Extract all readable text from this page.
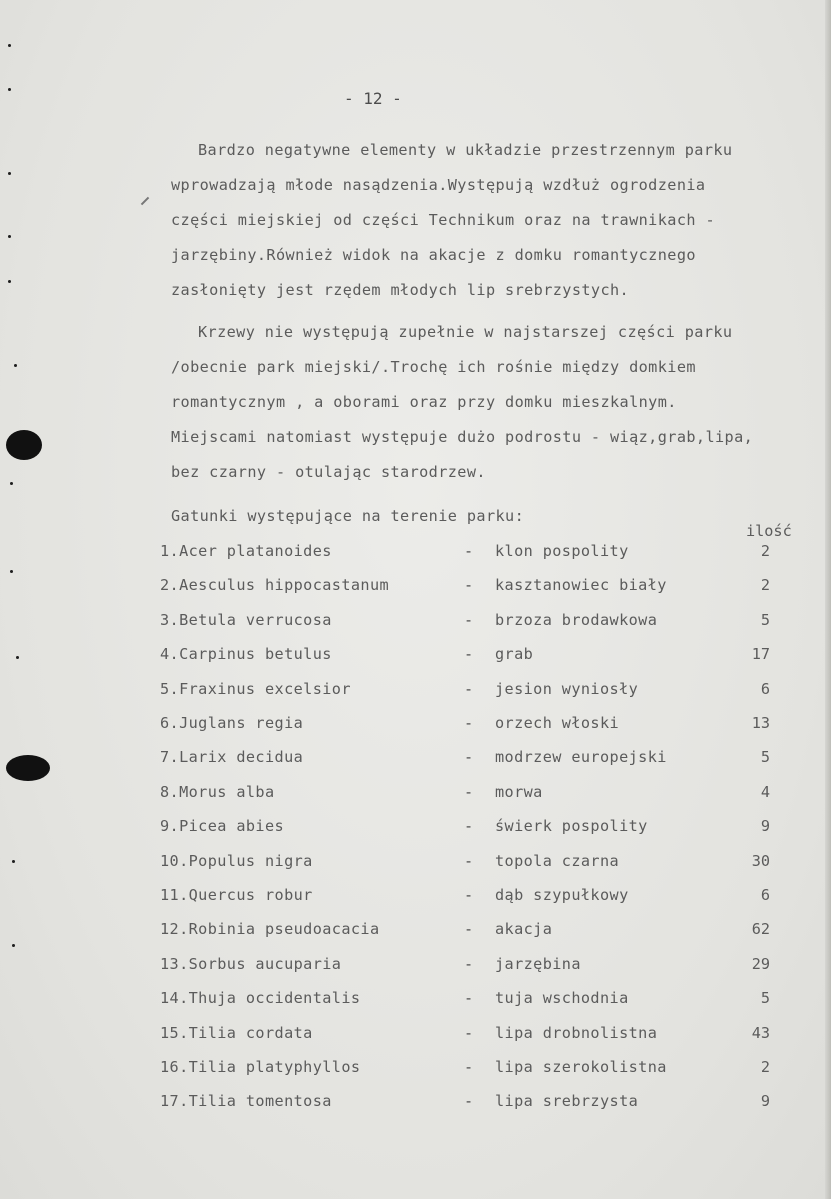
- 12 -
Bardzo negatywne elementy w układzie przestrzennym parku
wprowadzają młode nasądzenia.Występują wzdłuż ogrodzenia
części miejskiej od części Technikum oraz na trawnikach -
jarzębiny.Również widok na akacje z domku romantycznego
zasłonięty jest rzędem młodych lip srebrzystych.
Krzewy nie występują zupełnie w najstarszej części parku
/obecnie park miejski/.Trochę ich rośnie między domkiem
romantycznym , a oborami oraz przy domku mieszkalnym.
Miejscami natomiast występuje dużo podrostu - wiąz,grab,lipa,
bez czarny - otulając starodrzew.
Gatunki występujące na terenie parku:
ilość
1.Acer platanoides	- klon pospolity	2
2.Aesculus hippocastanum	- kasztanowiec biały	2
3.Betula verrucosa	- brzoza brodawkowa	5
4.Carpinus betulus	- grab	17
5.Fraxinus excelsior	- jesion wyniosły	6
6.Juglans regia	- orzech włoski	13
7.Larix decidua	- modrzew europejski	5
8.Morus alba	- morwa	4
9.Picea abies	- świerk pospolity	9
10.Populus nigra	- topola czarna	30
11.Quercus robur	- dąb szypułkowy	6
12.Robinia pseudoacacia	- akacja	62
13.Sorbus aucuparia	- jarzębina	29
14.Thuja occidentalis	- tuja wschodnia	5
15.Tilia cordata	- lipa drobnolistna	43
16.Tilia platyphyllos	- lipa szerokolistna	2
17.Tilia tomentosa	- lipa srebrzysta	9
